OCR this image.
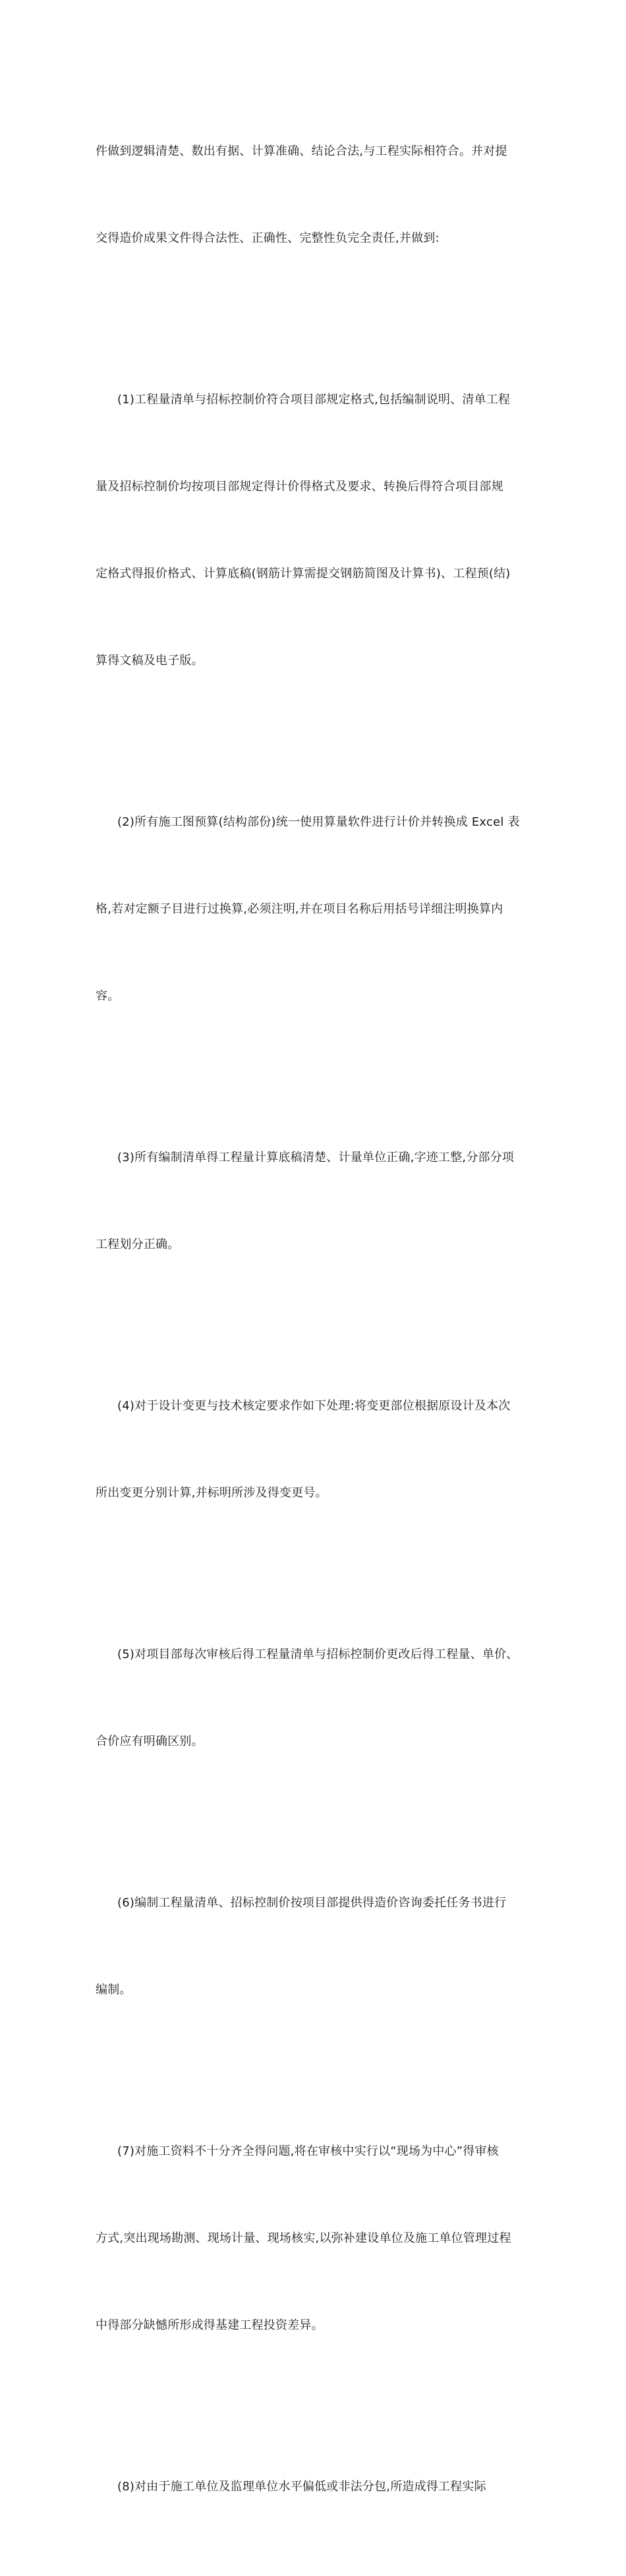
件做到逻辑清楚、数出有据、计算准确、结论合法,与工程实际相符合。并对提

交得造价成果文件得合法性、正确性、完整性负完全责任,并做到:

(1)工程量清单与招标控制价符合项目部规定格式,包括编制说明、清单工程

量及招标控制价均按项目部规定得计价得格式及要求、转换后得符合项目部规

定格式得报价格式、计算底稿(钢筋计算需提交钢筋简图及计算书)、工程预(结)

算得文稿及电子版。

(2)所有施工图预算(结构部份)统一使用算量软件进行计价并转换成 Excel 表

格,若对定额子目进行过换算,必须注明,并在项目名称后用括号详细注明换算内

容。

(3)所有编制清单得工程量计算底稿清楚、计量单位正确,字迹工整,分部分项

工程划分正确。

(4)对于设计变更与技术核定要求作如下处理:将变更部位根据原设计及本次

所出变更分别计算,并标明所涉及得变更号。

(5)对项目部每次审核后得工程量清单与招标控制价更改后得工程量、单价、

合价应有明确区别。

(6)编制工程量清单、招标控制价按项目部提供得造价咨询委托任务书进行

编制。

(7)对施工资料不十分齐全得问题,将在审核中实行以“现场为中心”得审核

方式,突出现场勘测、现场计量、现场核实,以弥补建设单位及施工单位管理过程

中得部分缺憾所形成得基建工程投资差异。

(8)对由于施工单位及监理单位水平偏低或非法分包,所造成得工程实际
